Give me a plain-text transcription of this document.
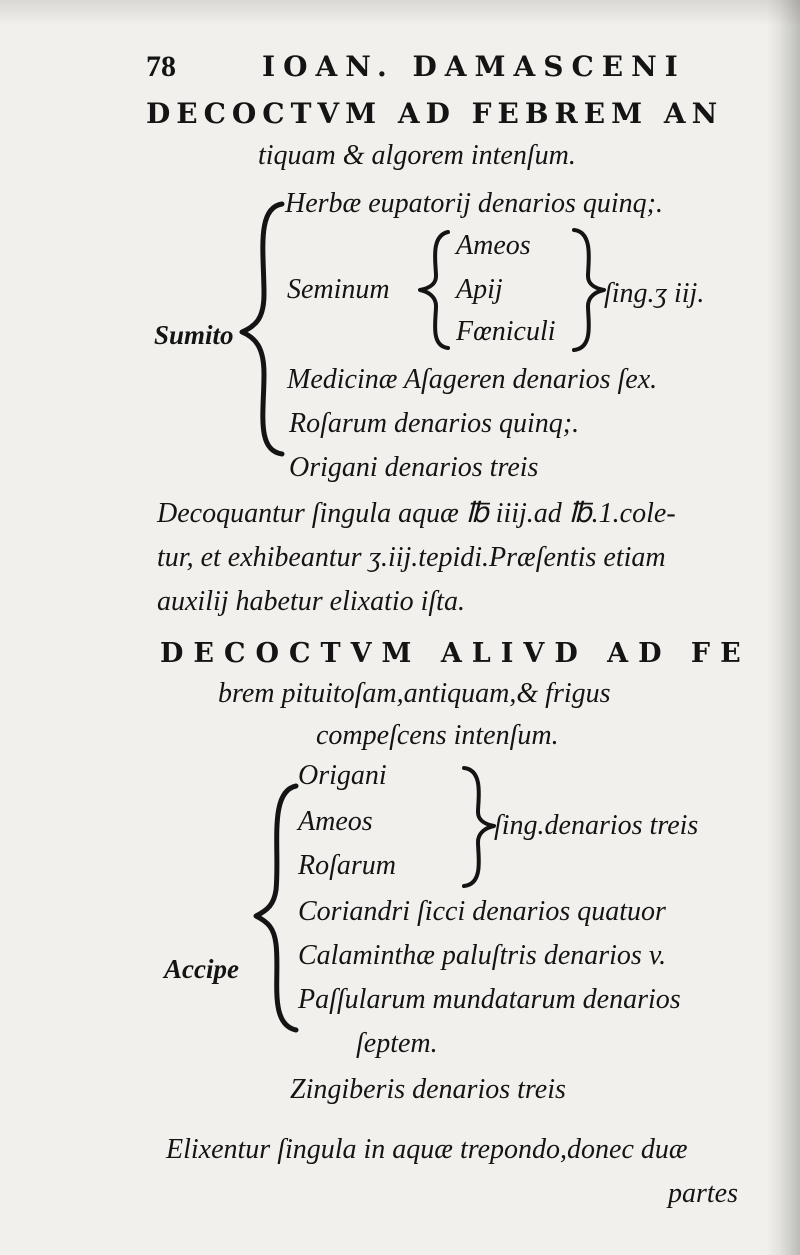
78	IOAN. DAMASCENI
DECOCTVM AD FEBREM AN
tiquam & algorem intenſum.
Sumito
Herbæ eupatorij denarios quinq;.
Seminum
Ameos
Apij
Fœniculi
ſing.ʒ iij.
Medicinæ Aſageren denarios ſex.
Roſarum denarios quinq;.
Origani denarios treis
Decoquantur ſingula aquæ ℔ iiij.ad ℔.1.cole-
tur, et exhibeantur ʒ.iij.tepidi.Præſentis etiam
auxilij habetur elixatio iſta.
DECOCTVM ALIVD AD FE
brem pituitoſam,antiquam,& frigus
compeſcens intenſum.
Accipe
Origani
Ameos
Roſarum
ſing.denarios treis
Coriandri ſicci denarios quatuor
Calaminthæ paluſtris denarios v.
Paſſularum mundatarum denarios
ſeptem.
Zingiberis denarios treis
Elixentur ſingula in aquæ trepondo,donec duæ
partes
